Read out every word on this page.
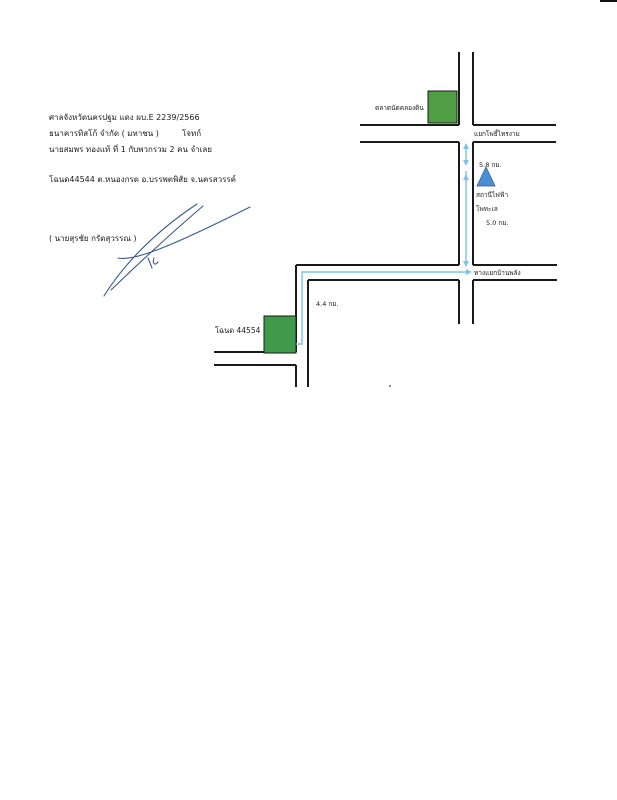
ศาลจังหวัดนครปฐม แดง ผบ.E 2239/2566
ธนาคารทิสโก้ จำกัด ( มหาชน )	โจทก์
นายสมพร ทองแท้ ที่ 1 กับพวกรวม 2 คน จำเลย
โฉนด44544 ต.หนองกรด อ.บรรพตพิสัย จ.นครสวรรค์
( นายสุรชัย กรัดสุวรรณ )
ตลาดนัดคลองดิน
แยกโพธิ์ไทรงาม
5.8 กม.
สถานีไฟฟ้า
โพทะเล
5.0 กม.
ทางแยกบ้านพลัง
4.4 กม.
โฉนด 44554
